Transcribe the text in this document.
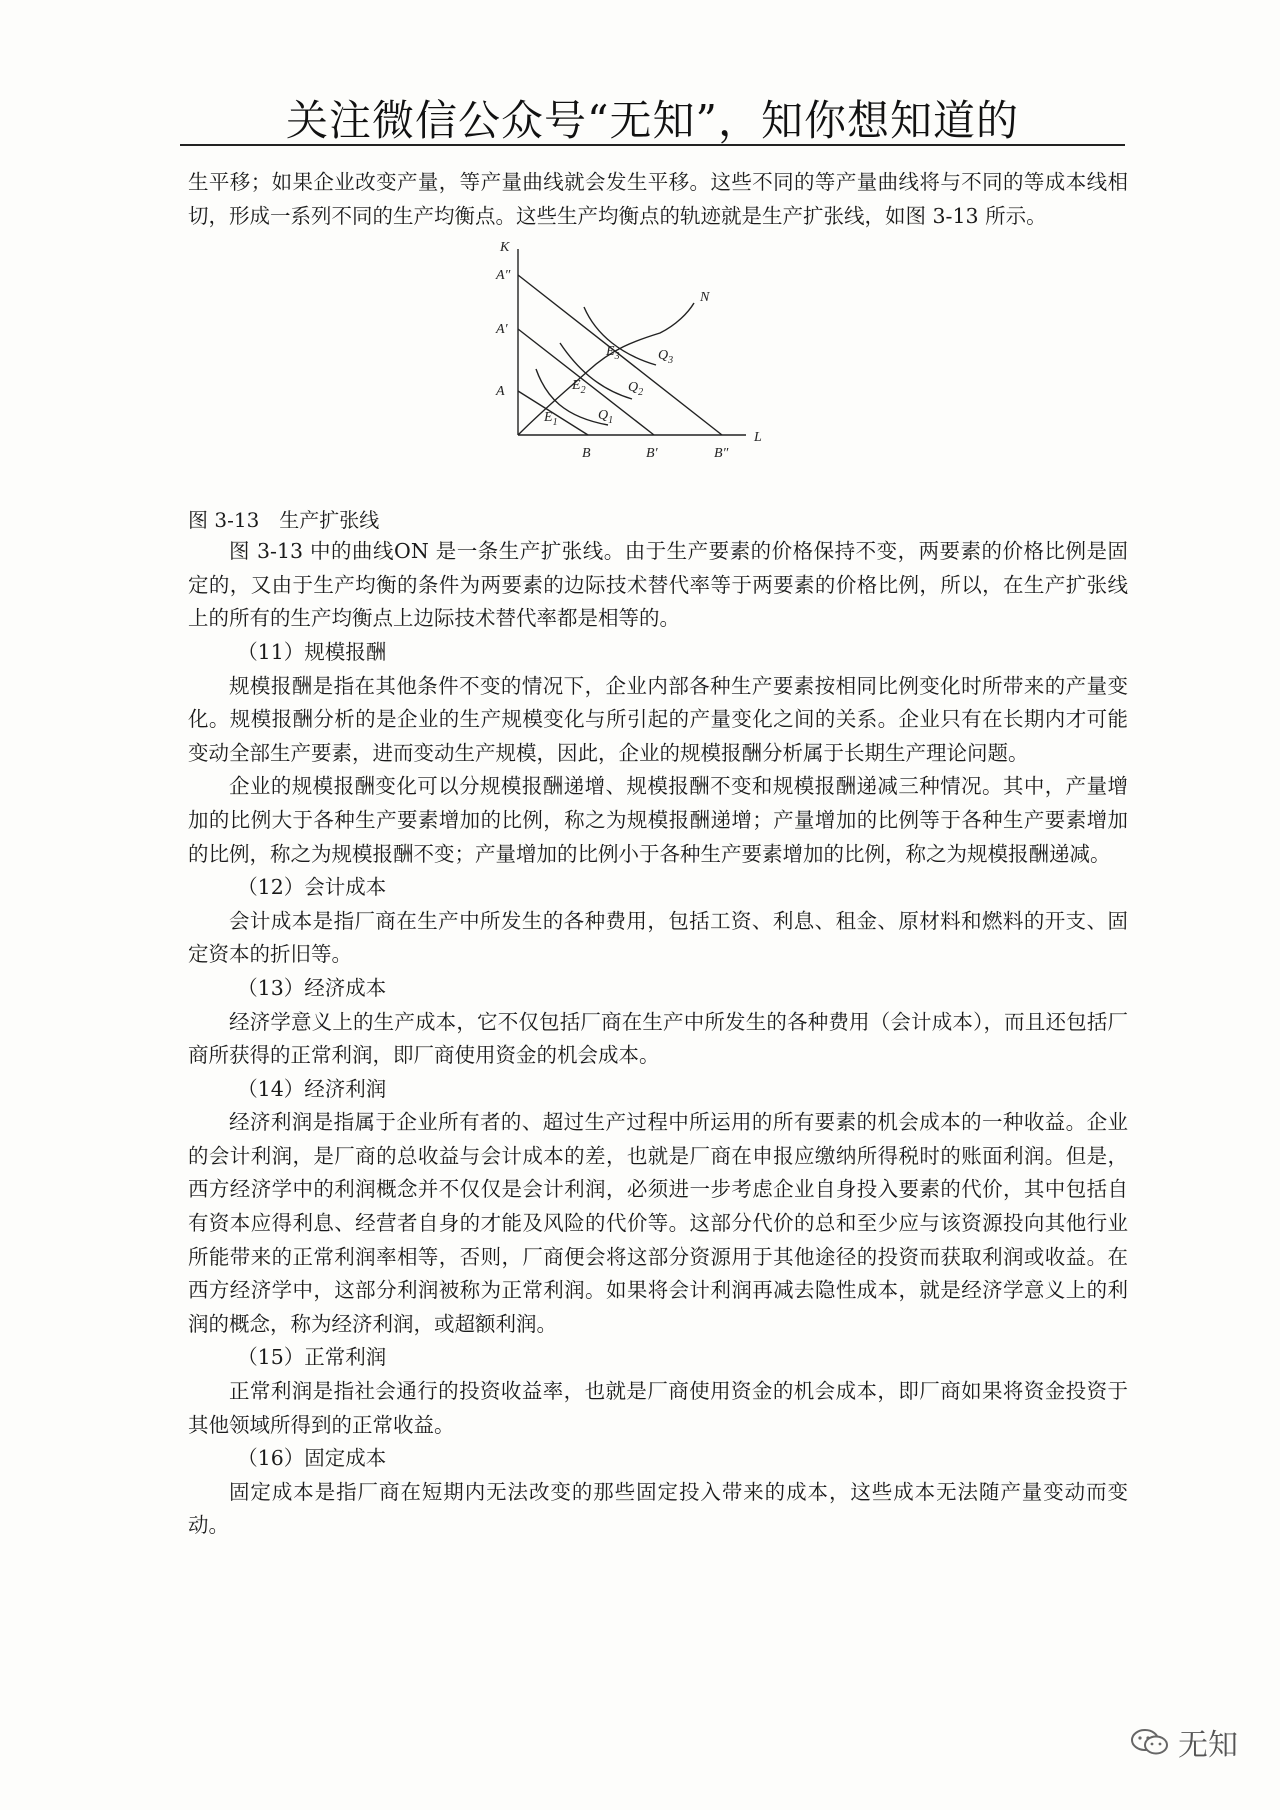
关注微信公众号“无知”，知你想知道的

生平移；如果企业改变产量，等产量曲线就会发生平移。这些不同的等产量曲线将与不同的等成本线相切，形成一系列不同的生产均衡点。这些生产均衡点的轨迹就是生产扩张线，如图 3-13 所示。

K
L
N
A
A′
A″
B	B′	B″
$E_1$
$E_2$
$E_3$
$Q_1$
$Q_2$
$Q_3$

图 3-13　生产扩张线

图 3-13 中的曲线ON 是一条生产扩张线。由于生产要素的价格保持不变，两要素的价格比例是固定的，又由于生产均衡的条件为两要素的边际技术替代率等于两要素的价格比例，所以，在生产扩张线上的所有的生产均衡点上边际技术替代率都是相等的。

（11）规模报酬

规模报酬是指在其他条件不变的情况下，企业内部各种生产要素按相同比例变化时所带来的产量变化。规模报酬分析的是企业的生产规模变化与所引起的产量变化之间的关系。企业只有在长期内才可能变动全部生产要素，进而变动生产规模，因此，企业的规模报酬分析属于长期生产理论问题。

企业的规模报酬变化可以分规模报酬递增、规模报酬不变和规模报酬递减三种情况。其中，产量增加的比例大于各种生产要素增加的比例，称之为规模报酬递增；产量增加的比例等于各种生产要素增加的比例，称之为规模报酬不变；产量增加的比例小于各种生产要素增加的比例，称之为规模报酬递减。

（12）会计成本

会计成本是指厂商在生产中所发生的各种费用，包括工资、利息、租金、原材料和燃料的开支、固定资本的折旧等。

（13）经济成本

经济学意义上的生产成本，它不仅包括厂商在生产中所发生的各种费用（会计成本），而且还包括厂商所获得的正常利润，即厂商使用资金的机会成本。

（14）经济利润

经济利润是指属于企业所有者的、超过生产过程中所运用的所有要素的机会成本的一种收益。企业的会计利润，是厂商的总收益与会计成本的差，也就是厂商在申报应缴纳所得税时的账面利润。但是，西方经济学中的利润概念并不仅仅是会计利润，必须进一步考虑企业自身投入要素的代价，其中包括自有资本应得利息、经营者自身的才能及风险的代价等。这部分代价的总和至少应与该资源投向其他行业所能带来的正常利润率相等，否则，厂商便会将这部分资源用于其他途径的投资而获取利润或收益。在西方经济学中，这部分利润被称为正常利润。如果将会计利润再减去隐性成本，就是经济学意义上的利润的概念，称为经济利润，或超额利润。

（15）正常利润

正常利润是指社会通行的投资收益率，也就是厂商使用资金的机会成本，即厂商如果将资金投资于其他领域所得到的正常收益。

（16）固定成本

固定成本是指厂商在短期内无法改变的那些固定投入带来的成本，这些成本无法随产量变动而变动。

无知
